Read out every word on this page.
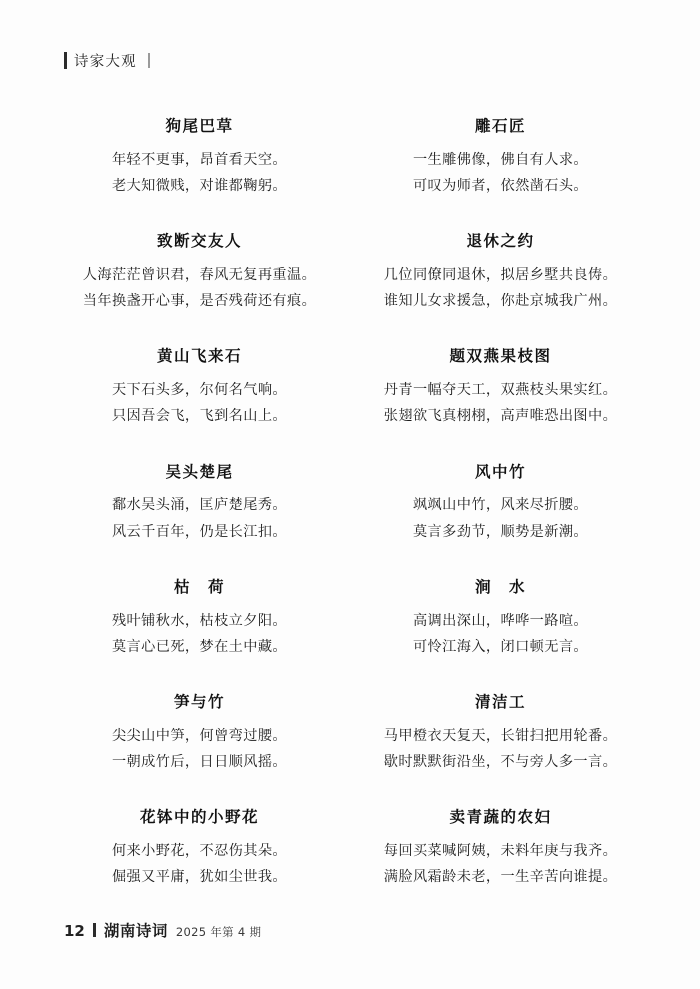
诗家大观
狗尾巴草
年轻不更事，昂首看天空。
老大知微贱，对谁都鞠躬。
雕石匠
一生雕佛像，佛自有人求。
可叹为师者，依然凿石头。
致断交友人
人海茫茫曾识君，春风无复再重温。
当年换盏开心事，是否残荷还有痕。
退休之约
几位同僚同退休，拟居乡墅共良俦。
谁知儿女求援急，你赴京城我广州。
黄山飞来石
天下石头多，尔何名气响。
只因吾会飞，飞到名山上。
题双燕果枝图
丹青一幅夺天工，双燕枝头果实红。
张翅欲飞真栩栩，高声唯恐出图中。
吴头楚尾
鄱水吴头涌，匡庐楚尾秀。
风云千百年，仍是长江扣。
风中竹
飒飒山中竹，风来尽折腰。
莫言多劲节，顺势是新潮。
枯　荷
残叶铺秋水，枯枝立夕阳。
莫言心已死，梦在土中藏。
涧　水
高调出深山，哗哗一路喧。
可怜江海入，闭口顿无言。
笋与竹
尖尖山中笋，何曾弯过腰。
一朝成竹后，日日顺风摇。
清洁工
马甲橙衣天复天，长钳扫把用轮番。
歇时默默街沿坐，不与旁人多一言。
花钵中的小野花
何来小野花，不忍伤其朵。
倔强又平庸，犹如尘世我。
卖青蔬的农妇
每回买菜喊阿姨，未料年庚与我齐。
满脸风霜龄未老，一生辛苦向谁提。
12 湖南诗词 2025 年第 4 期
